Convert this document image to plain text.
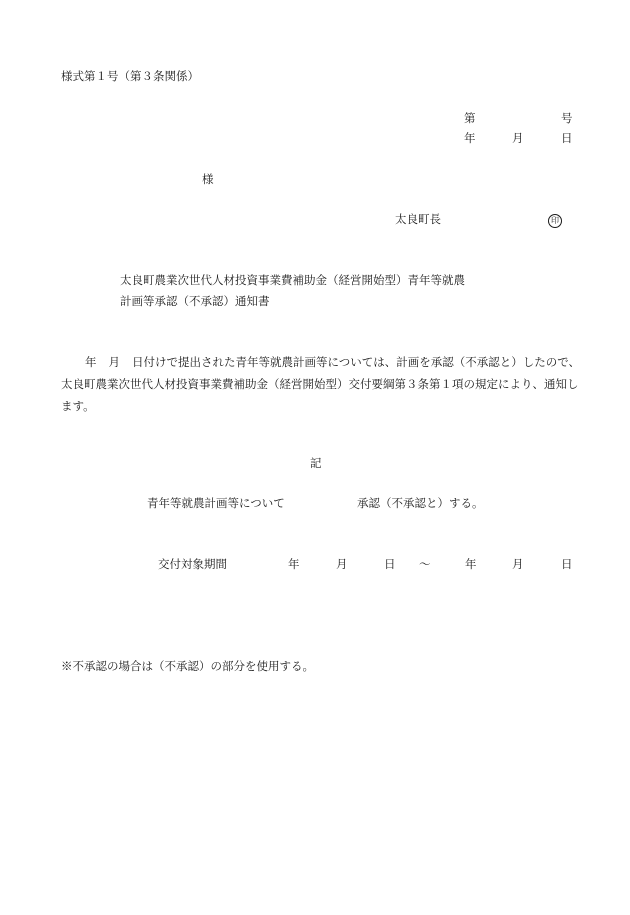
様式第１号（第３条関係）
第	号
年	月	日
様
太良町長	印
太良町農業次世代人材投資事業費補助金（経営開始型）青年等就農
計画等承認（不承認）通知書
年 月 日付けで提出された青年等就農計画等については、計画を承認（不承認と）したので、太良町農業次世代人材投資事業費補助金（経営開始型）交付要綱第３条第１項の規定により、通知します。
記
青年等就農計画等について	承認（不承認と）する。
交付対象期間	年	月	日 〜	年	月	日
※不承認の場合は（不承認）の部分を使用する。
